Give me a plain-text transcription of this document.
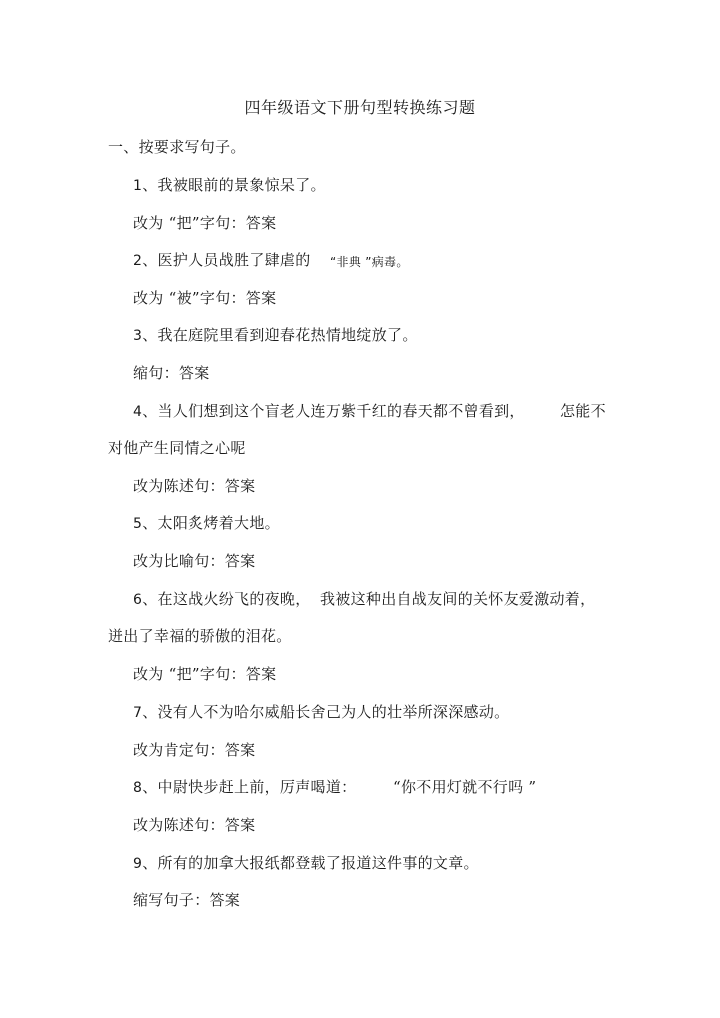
四年级语文下册句型转换练习题
一、按要求写句子。
1、我被眼前的景象惊呆了。
改为 “把”字句：答案
2、医护人员战胜了肆虐的 “非典 ”病毒。
改为 “被”字句：答案
3、我在庭院里看到迎春花热情地绽放了。
缩句：答案
4、当人们想到这个盲老人连万紫千红的春天都不曾看到， 怎能不
对他产生同情之心呢
改为陈述句：答案
5、太阳炙烤着大地。
改为比喻句：答案
6、在这战火纷飞的夜晚， 我被这种出自战友间的关怀友爱激动着，
迸出了幸福的骄傲的泪花。
改为 “把”字句：答案
7、没有人不为哈尔威船长舍己为人的壮举所深深感动。
改为肯定句：答案
8、中尉快步赶上前，厉声喝道： “你不用灯就不行吗 ”
改为陈述句：答案
9、所有的加拿大报纸都登载了报道这件事的文章。
缩写句子：答案
